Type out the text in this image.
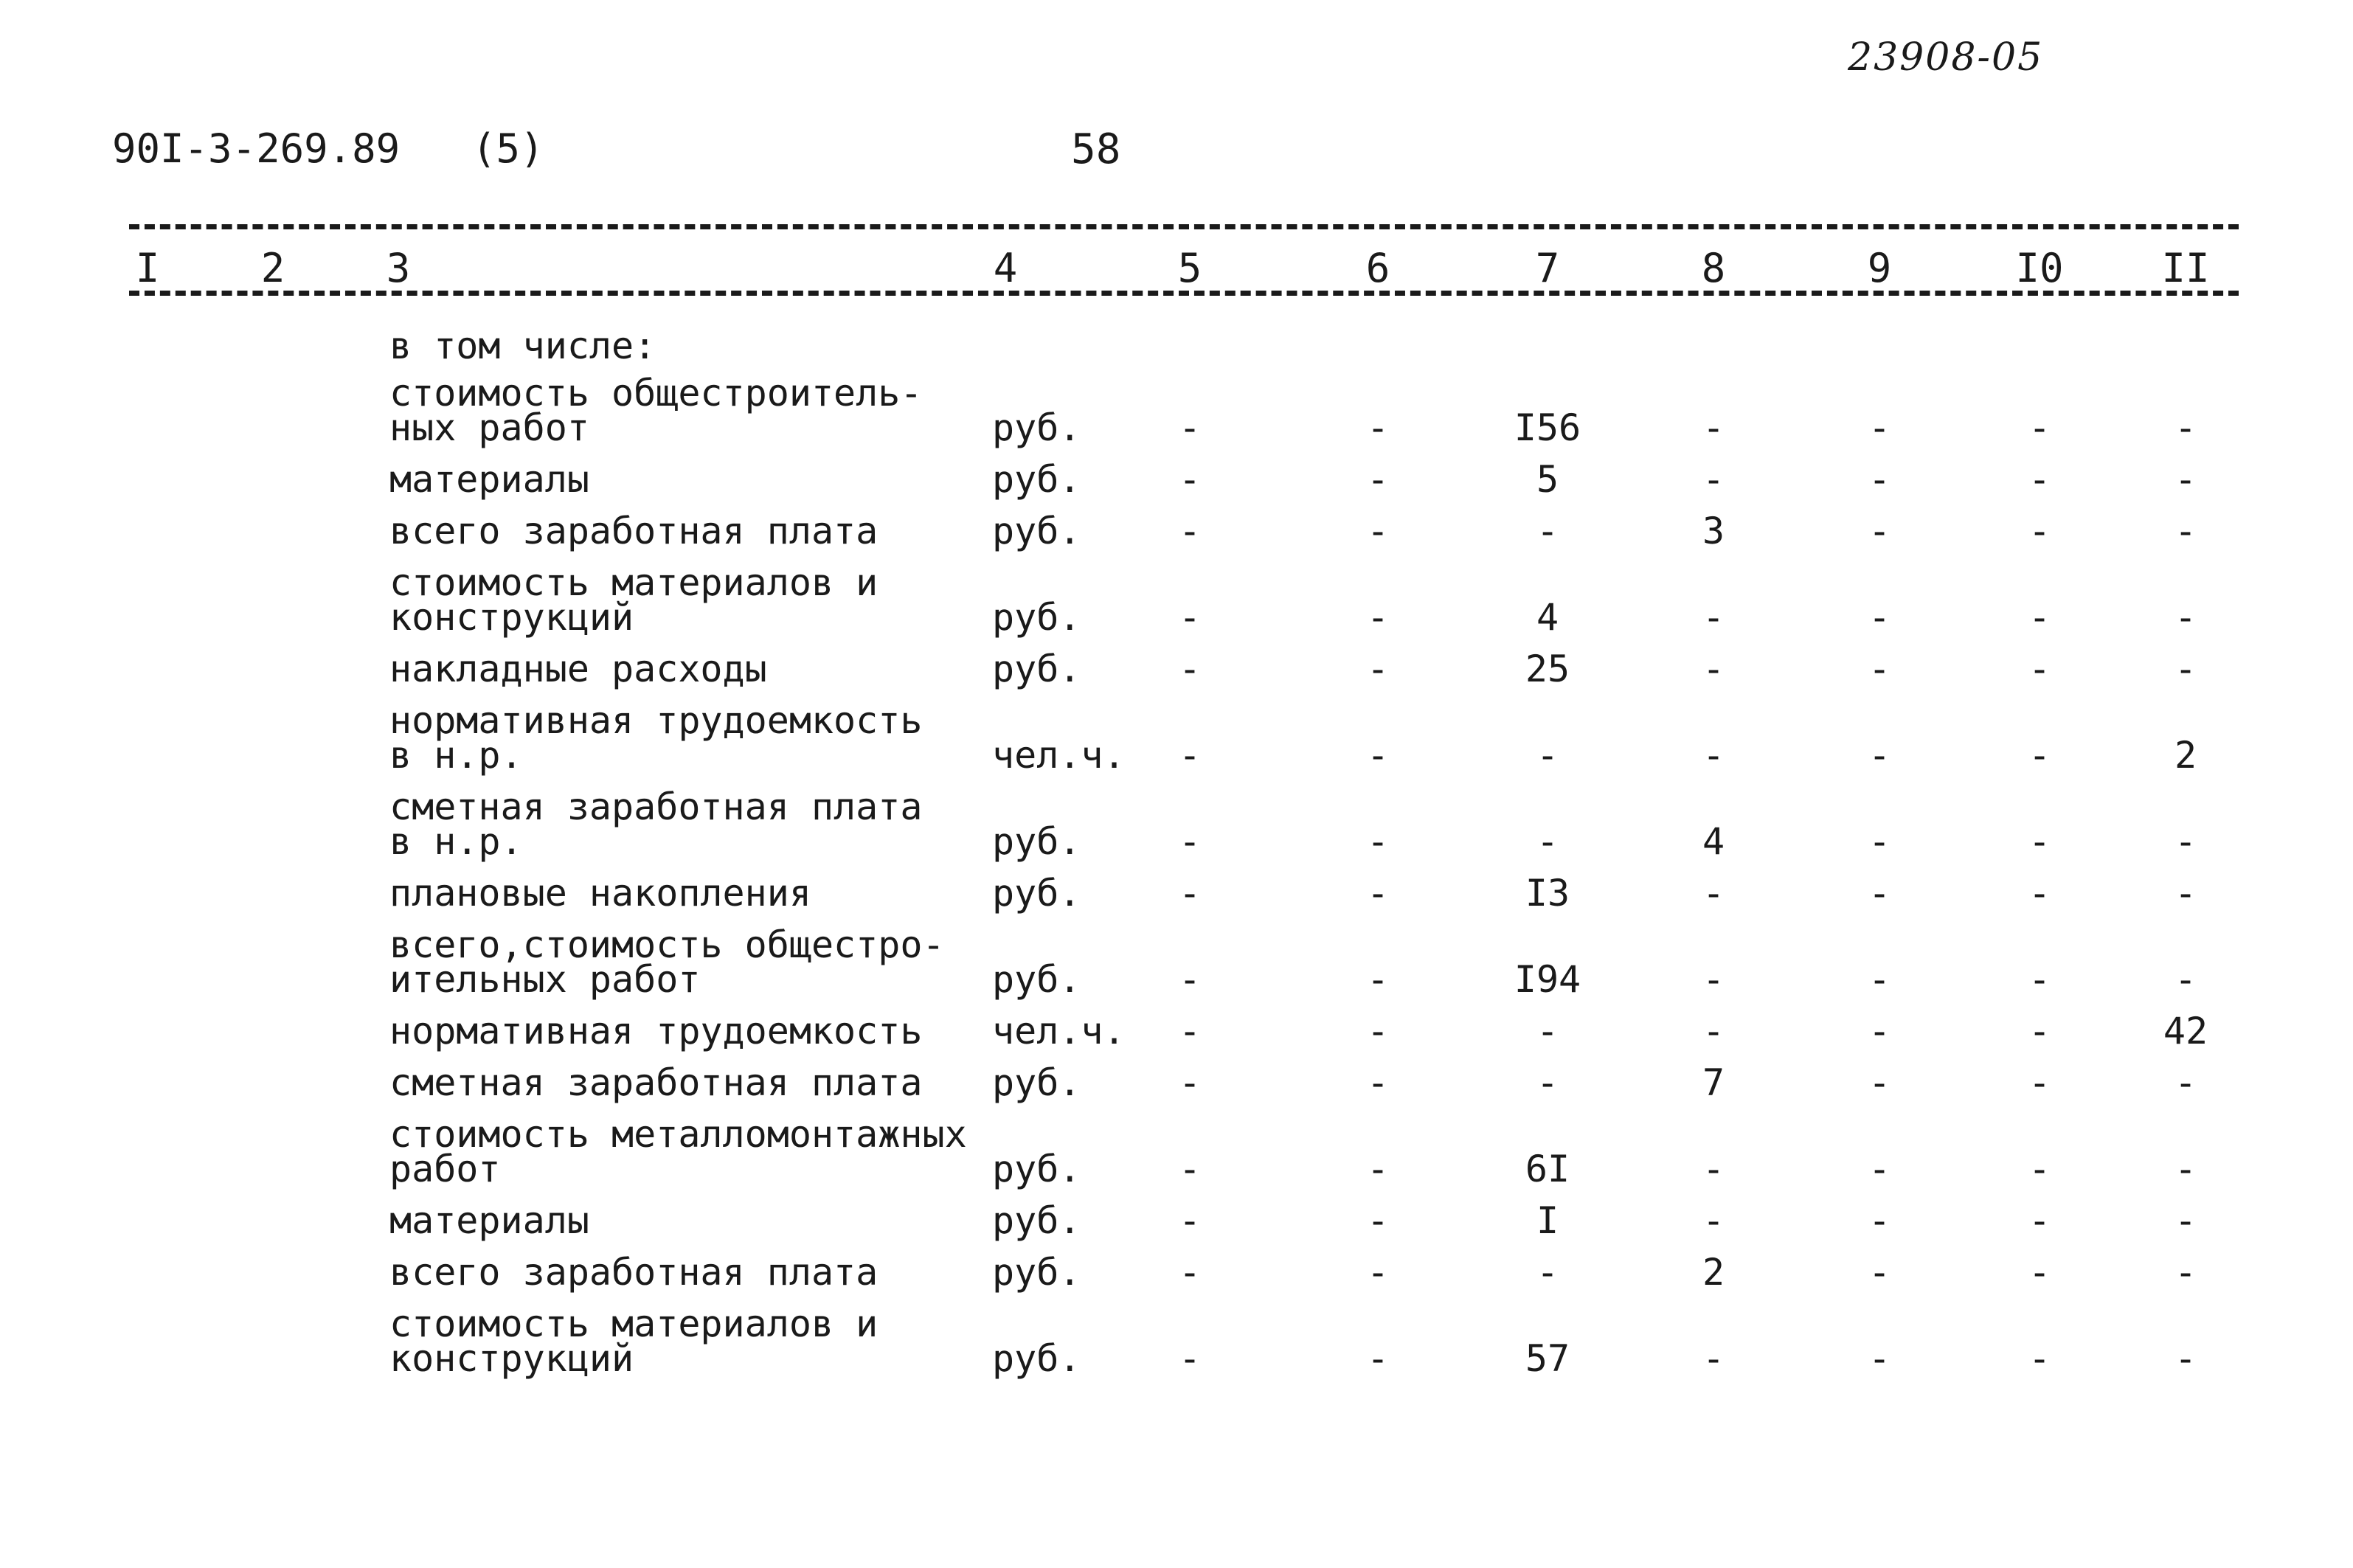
23908-05
90I-3-269.89 (5)	58
I	2	3	4	5	6	7	8	9	I0	II
в том числе:
стоимость общестроитель-
ных работ	руб.	-	-	I56	-	-	-	-
материалы	руб.	-	-	5	-	-	-	-
всего заработная плата	руб.	-	-	-	3	-	-	-
стоимость материалов и
конструкций	руб.	-	-	4	-	-	-	-
накладные расходы	руб.	-	-	25	-	-	-	-
нормативная трудоемкость
в н.р.	чел.ч.	-	-	-	-	-	-	2
сметная заработная плата
в н.р.	руб.	-	-	-	4	-	-	-
плановые накопления	руб.	-	-	I3	-	-	-	-
всего,стоимость общестро-
ительных работ	руб.	-	-	I94	-	-	-	-
нормативная трудоемкость чел.ч.	-	-	-	-	-	-	42
сметная заработная плата руб.	-	-	-	7	-	-	-
стоимость металломонтажных
работ	руб.	-	-	6I	-	-	-	-
материалы	руб.	-	-	I	-	-	-	-
всего заработная плата	руб.	-	-	-	2	-	-	-
стоимость материалов и
конструкций	руб.	-	-	57	-	-	-	-
